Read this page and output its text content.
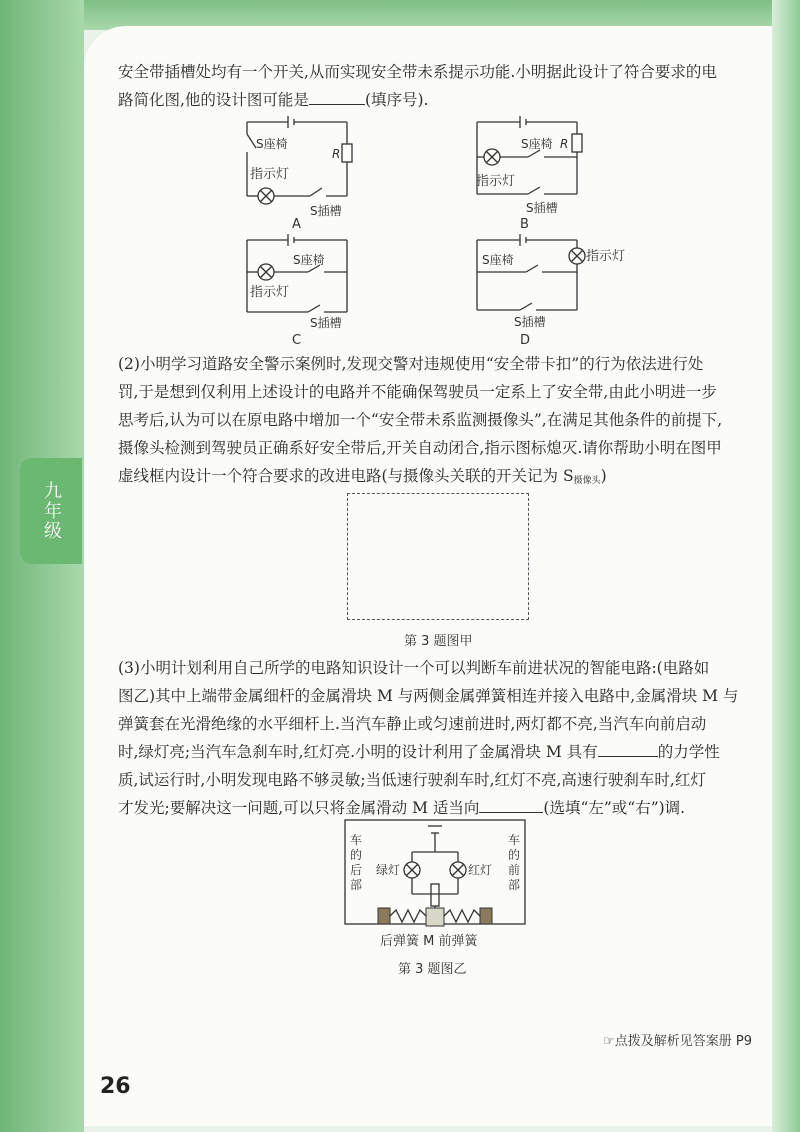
九年级
安全带插槽处均有一个开关,从而实现安全带未系提示功能.小明据此设计了符合要求的电
路简化图,他的设计图可能是	(填序号).
S座椅
R
指示灯
S插槽
A
S座椅 R
指示灯
S插槽
B
S座椅
指示灯
S插槽
C
S座椅	指示灯
S插槽
D
(2)小明学习道路安全警示案例时,发现交警对违规使用“安全带卡扣”的行为依法进行处
罚,于是想到仅利用上述设计的电路并不能确保驾驶员一定系上了安全带,由此小明进一步
思考后,认为可以在原电路中增加一个“安全带未系监测摄像头”,在满足其他条件的前提下,
摄像头检测到驾驶员正确系好安全带后,开关自动闭合,指示图标熄灭.请你帮助小明在图甲
虚线框内设计一个符合要求的改进电路(与摄像头关联的开关记为 $S_{摄像头}$)
第 3 题图甲
(3)小明计划利用自己所学的电路知识设计一个可以判断车前进状况的智能电路:(电路如
图乙)其中上端带金属细杆的金属滑块 M 与两侧金属弹簧相连并接入电路中,金属滑块 M 与
弹簧套在光滑绝缘的水平细杆上.当汽车静止或匀速前进时,两灯都不亮,当汽车向前启动
时,绿灯亮;当汽车急刹车时,红灯亮.小明的设计利用了金属滑块 M 具有	的力学性
质,试运行时,小明发现电路不够灵敏;当低速行驶刹车时,红灯不亮,高速行驶刹车时,红灯
才发光;要解决这一问题,可以只将金属滑动 M 适当向	(选填“左”或“右”)调.
车的后部
车的前部
绿灯	红灯
后弹簧 M 前弹簧
第 3 题图乙
☞点拨及解析见答案册 P9
26
